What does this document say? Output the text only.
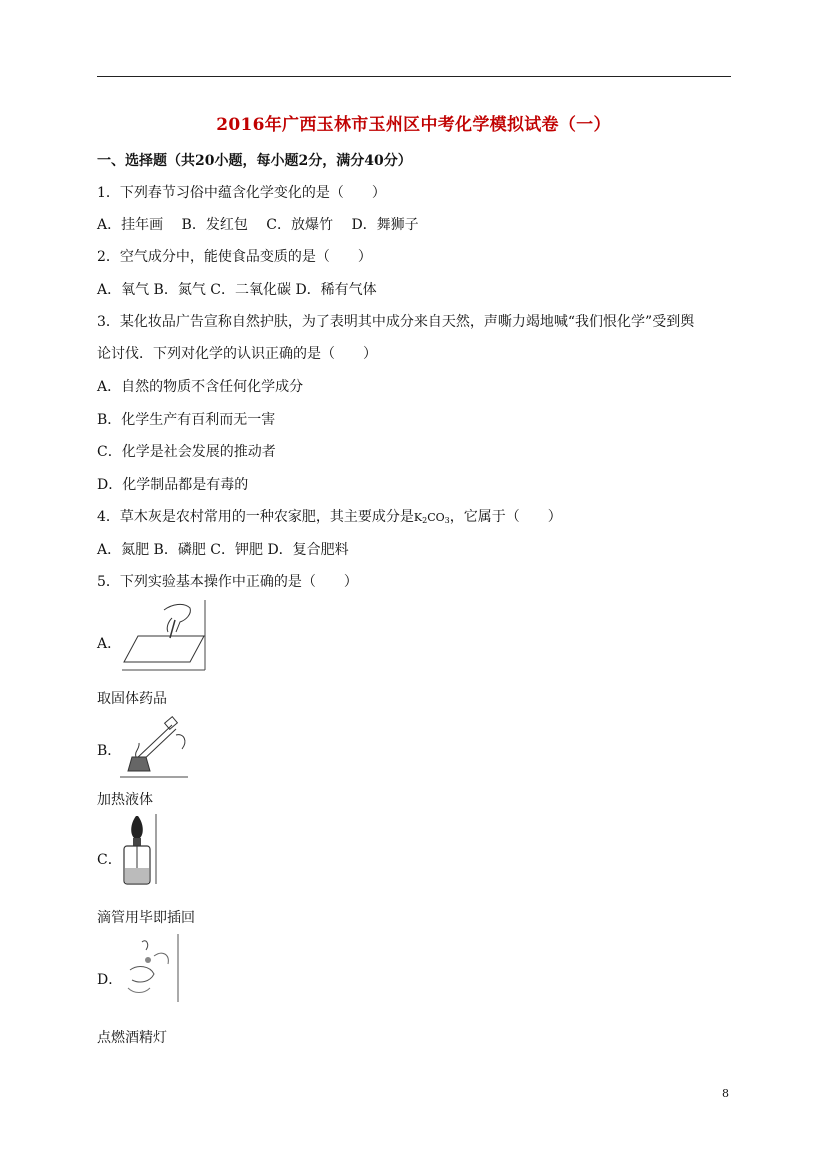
2016年广西玉林市玉州区中考化学模拟试卷（一）
一、选择题（共20小题，每小题2分，满分40分）
1．下列春节习俗中蕴含化学变化的是（　　）
A．挂年画　 B．发红包　 C．放爆竹　 D．舞狮子
2．空气成分中，能使食品变质的是（　　）
A．氧气 B．氮气 C．二氧化碳 D．稀有气体
3．某化妆品广告宣称自然护肤，为了表明其中成分来自天然，声嘶力竭地喊“我们恨化学”受到舆
论讨伐．下列对化学的认识正确的是（　　）
A．自然的物质不含任何化学成分
B．化学生产有百利而无一害
C．化学是社会发展的推动者
D．化学制品都是有毒的
4．草木灰是农村常用的一种农家肥，其主要成分是$K_2CO_3$，它属于（　　）
A．氮肥 B．磷肥 C．钾肥 D．复合肥料
5．下列实验基本操作中正确的是（　　）
A．
取固体药品
B．
加热液体
C．
滴管用毕即插回
D．
点燃酒精灯
8
